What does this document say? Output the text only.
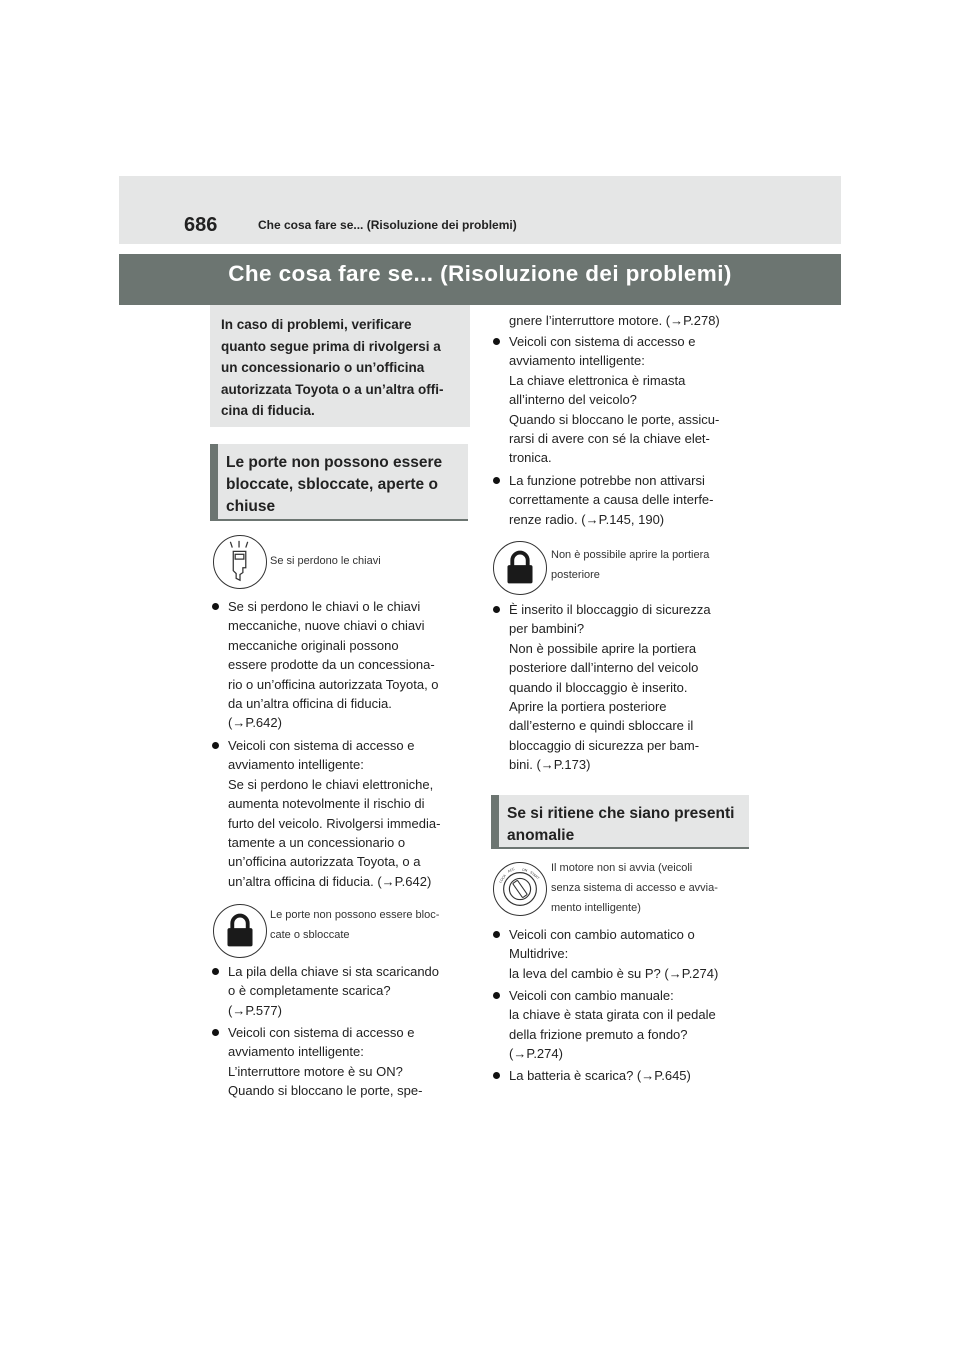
686	Che cosa fare se... (Risoluzione dei problemi)
Che cosa fare se... (Risoluzione dei problemi)

In caso di problemi, verificare

quanto segue prima di rivolgersi a

un concessionario o un’officina

autorizzata Toyota o a un’altra offi-

cina di fiducia.

Le porte non possono essere
bloccate, sbloccate, aperte o
chiuse
Se si perdono le chiavi
Se si perdono le chiavi o le chiavi
meccaniche, nuove chiavi o chiavi
meccaniche originali possono
essere prodotte da un concessiona-
rio o un’officina autorizzata Toyota, o
da un’altra officina di fiducia.
(→P.642)
Veicoli con sistema di accesso e
avviamento intelligente:
Se si perdono le chiavi elettroniche,
aumenta notevolmente il rischio di
furto del veicolo. Rivolgersi immedia-
tamente a un concessionario o
un’officina autorizzata Toyota, o a
un’altra officina di fiducia. (→P.642)
Le porte non possono essere bloc-
cate o sbloccate
La pila della chiave si sta scaricando
o è completamente scarica?
(→P.577)
Veicoli con sistema di accesso e
avviamento intelligente:
L’interruttore motore è su ON?
Quando si bloccano le porte, spe-
gnere l’interruttore motore. (→P.278)
Veicoli con sistema di accesso e
avviamento intelligente:
La chiave elettronica è rimasta
all’interno del veicolo?
Quando si bloccano le porte, assicu-
rarsi di avere con sé la chiave elet-
tronica.
La funzione potrebbe non attivarsi
correttamente a causa delle interfe-
renze radio. (→P.145, 190)
Non è possibile aprire la portiera
posteriore
È inserito il bloccaggio di sicurezza
per bambini?
Non è possibile aprire la portiera
posteriore dall’interno del veicolo
quando il bloccaggio è inserito.
Aprire la portiera posteriore
dall’esterno e quindi sbloccare il
bloccaggio di sicurezza per bam-
bini. (→P.173)
Se si ritiene che siano presenti
anomalie
LOCK
ACC ON
START
Il motore non si avvia (veicoli
senza sistema di accesso e avvia-
mento intelligente)
Veicoli con cambio automatico o
Multidrive:
la leva del cambio è su P? (→P.274)
Veicoli con cambio manuale:
la chiave è stata girata con il pedale
della frizione premuto a fondo?
(→P.274)
La batteria è scarica? (→P.645)
